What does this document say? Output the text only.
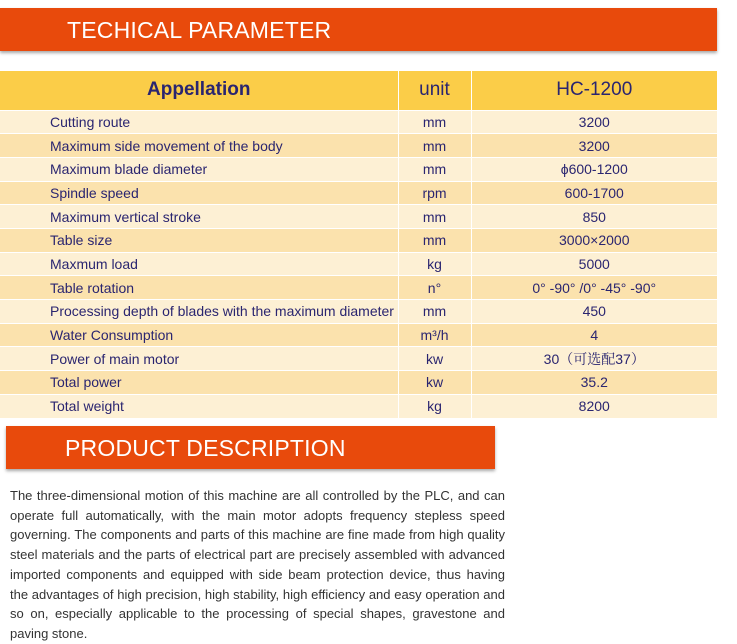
TECHICAL PARAMETER
Appellation	unit	HC-1200
Cutting route	mm	3200
Maximum side movement of the body	mm	3200
Maximum blade diameter	mm	ϕ600-1200
Spindle speed	rpm	600-1700
Maximum vertical stroke	mm	850
Table size	mm	3000×2000
Maxmum load	kg	5000
Table rotation	n°	0° -90° /0° -45° -90°
Processing depth of blades with the maximum diameter	mm	450
Water Consumption	m³/h	4
Power of main motor	kw	30（可选配37）
Total power	kw	35.2
Total weight	kg	8200
PRODUCT DESCRIPTION

The three-dimensional motion of this machine are all controlled by the PLC, and can operate full automatically, with the main motor adopts frequency stepless speed governing. The components and parts of this machine are fine made from high quality steel materials and the parts of electrical part are precisely assembled with advanced imported components and equipped with side beam protection device, thus having the advantages of high precision, high stability, high efficiency and easy operation and so on, especially applicable to the processing of special shapes, gravestone and paving stone.
